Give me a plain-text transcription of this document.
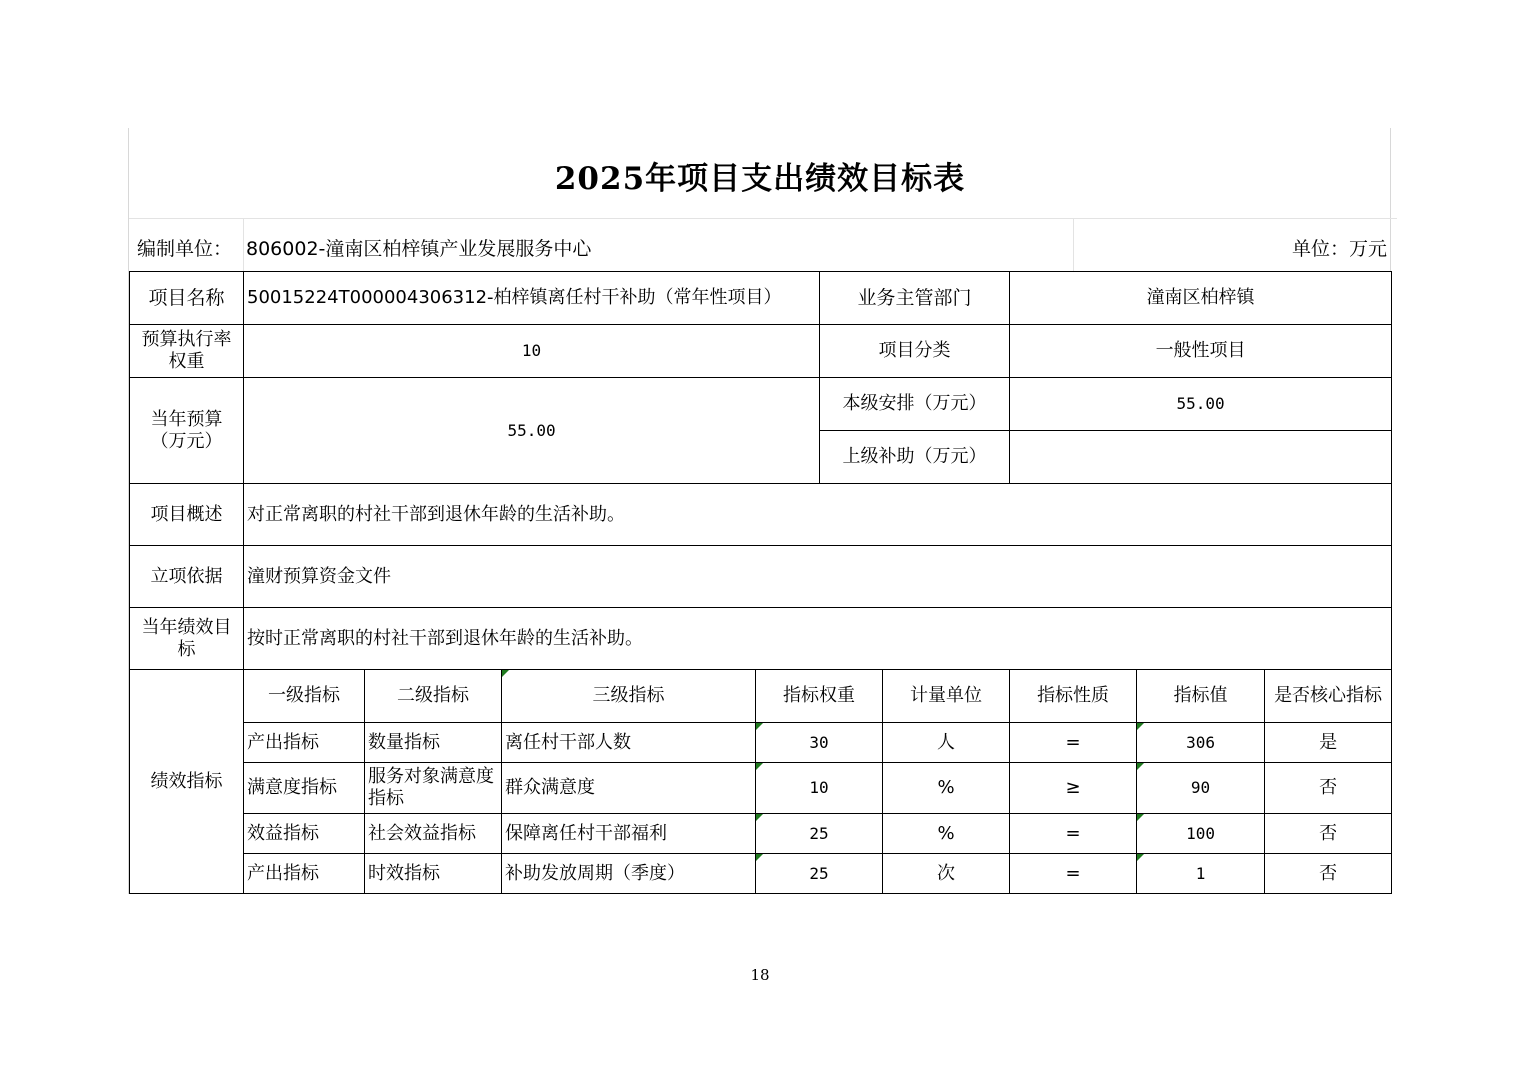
2025年项目支出绩效目标表
编制单位： 806002-潼南区柏梓镇产业发展服务中心	单位：万元
项目名称	50015224T000004306312-柏梓镇离任村干补助（常年性项目）				业务主管部门		潼南区柏梓镇		
预算执行率权重	10				项目分类		一般性项目		
当年预算（万元）	55.00				本级安排（万元）		55.00		
					上级补助（万元）				
项目概述	对正常离职的村社干部到退休年龄的生活补助。								
立项依据	潼财预算资金文件								
当年绩效目标	按时正常离职的村社干部到退休年龄的生活补助。								
绩效指标	一级指标	二级指标	三级指标	指标权重		计量单位	指标性质	指标值	是否核心指标
	产出指标	数量指标	离任村干部人数	30		人	=	306	是
	满意度指标	服务对象满意度指标	群众满意度	10		%	≥	90	否
	效益指标	社会效益指标	保障离任村干部福利	25		%	=	100	否
	产出指标	时效指标	补助发放周期（季度）	25		次	=	1	否
18
